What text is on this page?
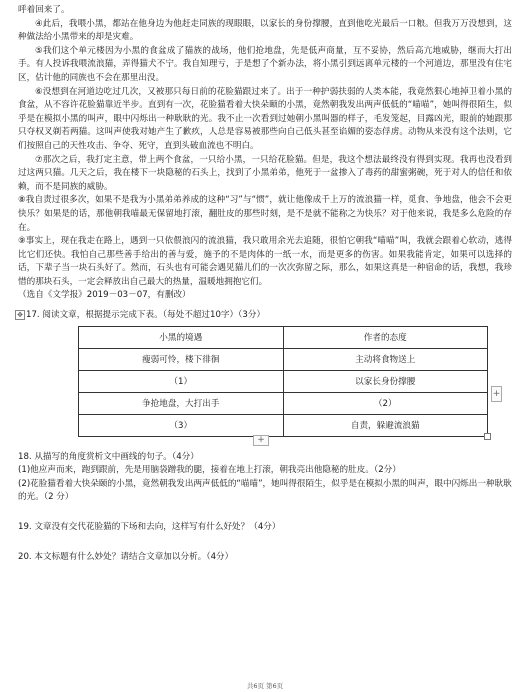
呼着回来了。

④此后，我喂小黑，都站在他身边为他赶走同族的现眼眼，以家长的身份撑腰，直到他吃光最后一口粮。但我万万没想到，这种做法给小黑带来的却是灾难。

⑤我们这个单元楼因为小黑的食盆成了猫族的战场，他们抢地盘，先是低声商量，互不妥协，然后高亢地威胁，继而大打出手。有人投诉我喂流浪猫，弄得猫犬不宁。我自知理亏，于是想了个新办法，将小黑引到远离单元楼的一个河道边，那里没有住宅区，估计他的同族也不会在那里出没。

⑥没想到在河道边吃过几次，又被那只每日前的花脸猫跟过来了。出于一种护弱扶弱的人类本能，我竟然狠心地掉卫着小黑的食盆，从不容许花脸猫靠近半步。直到有一次，花脸猫看着大快朵颐的小黑，竟然朝我发出两声低低的“喵喵”，她叫得很陌生，似乎是在模拟小黑的叫声，眼中闪烁出一种耿耿的光。我不止一次看到过她朝小黑叫器的样子，毛发笼起，目露凶光，眼前的她跟那只夺权叉剃若两猫。这叫声使我对她产生了歉疚，人总是容易被那些向自己低头甚至谄媚的姿态俘虏。动物从来没有这个法则，它们按照自己的天性攻击、争夺、死守，直到头破血流也不明白。

⑦那次之后，我打定主意，带上两个食盆，一只给小黑，一只给花脸猫。但是，我这个想法最终没有得到实现。我再也没看到过这两只猫。几天之后，我在楼下一块隐秘的石头上，找到了小黑弟弟，他死于一盆掺入了毒药的甜蜜粥碗，死于对人的信任和依赖，而不是同族的威胁。

⑧我自责过很多次，如果不是我为小黑弟弟养成的这种“习”与“惯”，就让他像成千上万的流浪猫一样，觅食、争地盘，他会不会更快乐？如果是的话，那他朝我喵最无保留地打滚，翻肚皮的那些时刻，是不是就不能称之为快乐？对于他来说，我是多么危险的存在。

⑨事实上，现在我走在路上，遇到一只依偎浪闪的流浪猫，我只敢用余光去追随，很怕它朝我“喵喵”叫，我就会跟着心软动，逃得比它们还快。我怕自己那些善手给出的善与爱，施予的不是肉体的一纸一水，而是更多的伤害。如果我能肯定，如果可以选择的话，下辈子当一块石头好了。然而，石头也有可能会遇见猫儿们的一次次弥留之际，那么，如果这真是一种宿命的话，我想，我珍惜的那块石头，一定会释放出自己最大的热量，温暖地拥抱它们。

（选自《文学报》2019－03－07，有删改）

✥ 17. 阅读文章，根据提示完成下表。（每处不超过10字）（3分）
小黑的境遇	作者的态度
瘦弱可怜，楼下徘徊	主动将食物送上
（1）	以家长身份撑腰
争抢地盘，大打出手	（2）
（3）	自责，躲避流浪猫
+
+

18. 从描写的角度赏析文中画线的句子。（4分）

(1)他应声而来，跑到跟前，先是用脑袋蹭我的腿，接着在地上打滚，朝我亮出他隐秘的肚皮。（2分）

(2)花脸猫看着大快朵颐的小黑，竟然朝我发出两声低低的“喵喵”，她叫得很陌生，似乎是在模拟小黑的叫声，眼中闪烁出一种耿耿的光。（2 分）

19. 文章没有交代花脸猫的下场和去向，这样写有什么好处？（4分）

20. 本文标题有什么妙处？请结合文章加以分析。（4分）

共6页 第6页
